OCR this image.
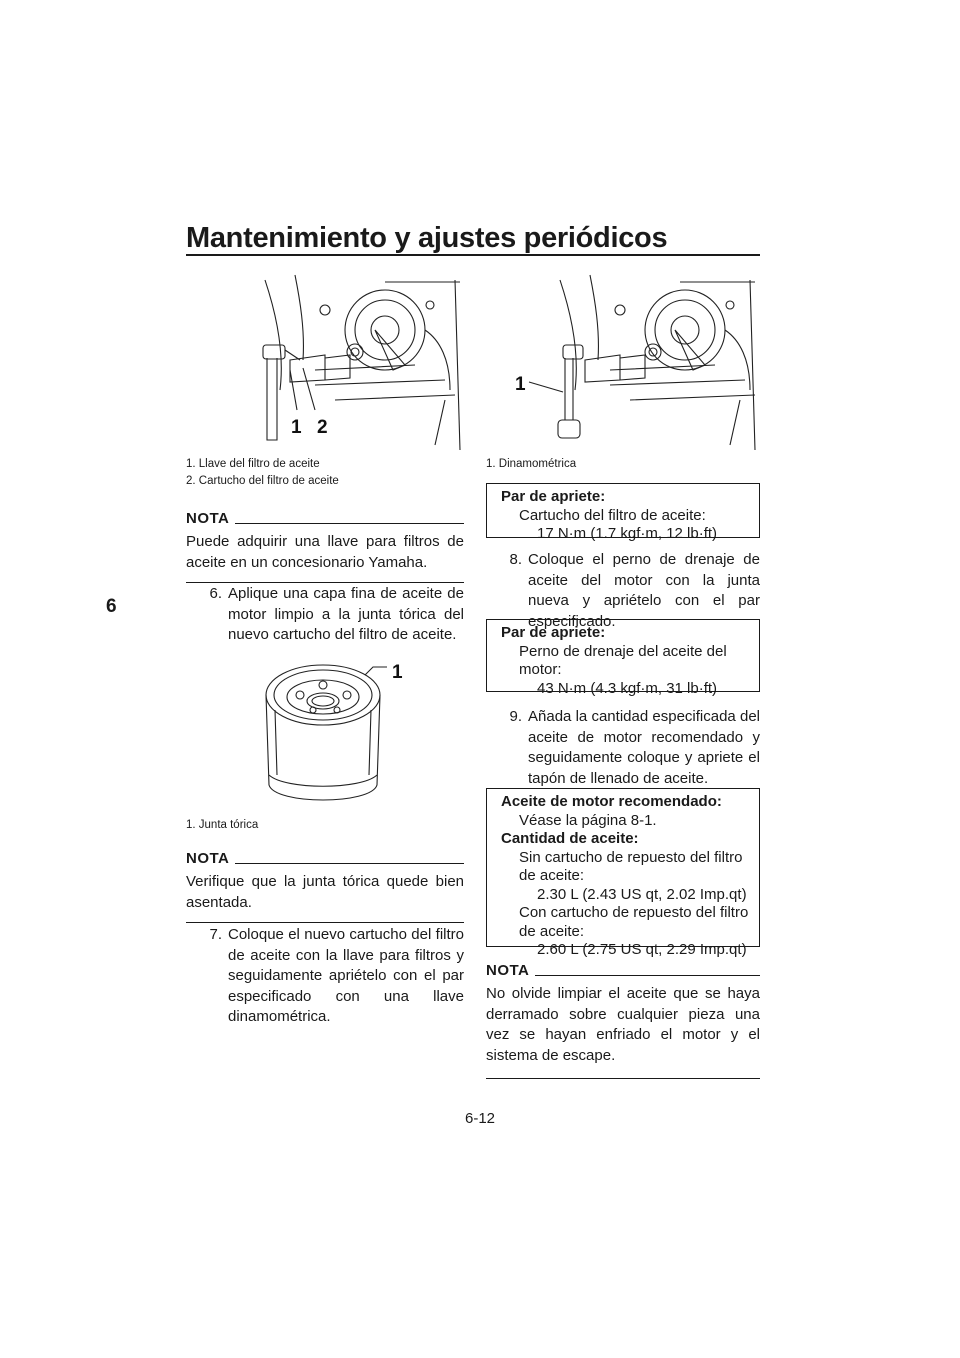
Mantenimiento y ajustes periódicos
6
1 2
1. Llave del filtro de aceite
2. Cartucho del filtro de aceite
NOTA
Puede adquirir una llave para filtros de aceite en un concesionario Yamaha.
6. Aplique una capa fina de aceite de motor limpio a la junta tórica del nuevo cartucho del filtro de aceite.
1
1. Junta tórica
NOTA
Verifique que la junta tórica quede bien asentada.
7. Coloque el nuevo cartucho del filtro de aceite con la llave para filtros y seguidamente apriételo con el par especificado con una llave dinamométrica.
1
1. Dinamométrica
Par de apriete:
Cartucho del filtro de aceite:
17 N·m (1.7 kgf·m, 12 lb·ft)
8. Coloque el perno de drenaje de aceite del motor con la junta nueva y apriételo con el par especificado.
Par de apriete:
Perno de drenaje del aceite del
motor:
43 N·m (4.3 kgf·m, 31 lb·ft)
9. Añada la cantidad especificada del aceite de motor recomendado y seguidamente coloque y apriete el tapón de llenado de aceite.
Aceite de motor recomendado:
Véase la página 8-1.
Cantidad de aceite:
Sin cartucho de repuesto del filtro
de aceite:
2.30 L (2.43 US qt, 2.02 Imp.qt)
Con cartucho de repuesto del filtro
de aceite:
2.60 L (2.75 US qt, 2.29 Imp.qt)
NOTA
No olvide limpiar el aceite que se haya derramado sobre cualquier pieza una vez se hayan enfriado el motor y el sistema de escape.
6-12
